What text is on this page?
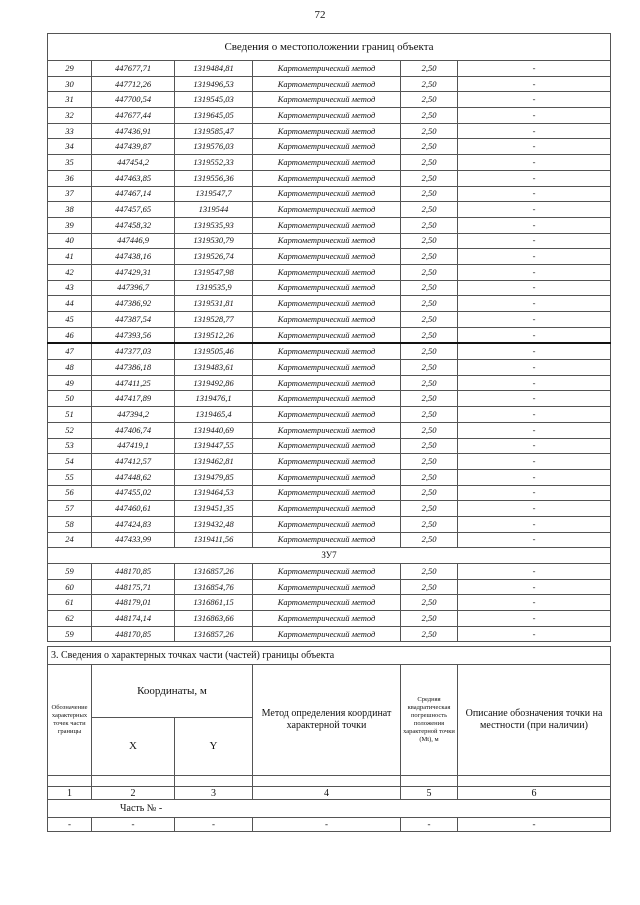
72
Сведения о местоположении границ объекта					
29	447677,71	1319484,81	Картометрический метод	2,50	-
30	447712,26	1319496,53	Картометрический метод	2,50	-
31	447700,54	1319545,03	Картометрический метод	2,50	-
32	447677,44	1319645,05	Картометрический метод	2,50	-
33	447436,91	1319585,47	Картометрический метод	2,50	-
34	447439,87	1319576,03	Картометрический метод	2,50	-
35	447454,2	1319552,33	Картометрический метод	2,50	-
36	447463,85	1319556,36	Картометрический метод	2,50	-
37	447467,14	1319547,7	Картометрический метод	2,50	-
38	447457,65	1319544	Картометрический метод	2,50	-
39	447458,32	1319535,93	Картометрический метод	2,50	-
40	447446,9	1319530,79	Картометрический метод	2,50	-
41	447438,16	1319526,74	Картометрический метод	2,50	-
42	447429,31	1319547,98	Картометрический метод	2,50	-
43	447396,7	1319535,9	Картометрический метод	2,50	-
44	447386,92	1319531,81	Картометрический метод	2,50	-
45	447387,54	1319528,77	Картометрический метод	2,50	-
46	447393,56	1319512,26	Картометрический метод	2,50	-
47	447377,03	1319505,46	Картометрический метод	2,50	-
48	447386,18	1319483,61	Картометрический метод	2,50	-
49	447411,25	1319492,86	Картометрический метод	2,50	-
50	447417,89	1319476,1	Картометрический метод	2,50	-
51	447394,2	1319465,4	Картометрический метод	2,50	-
52	447406,74	1319440,69	Картометрический метод	2,50	-
53	447419,1	1319447,55	Картометрический метод	2,50	-
54	447412,57	1319462,81	Картометрический метод	2,50	-
55	447448,62	1319479,85	Картометрический метод	2,50	-
56	447455,02	1319464,53	Картометрический метод	2,50	-
57	447460,61	1319451,35	Картометрический метод	2,50	-
58	447424,83	1319432,48	Картометрический метод	2,50	-
24	447433,99	1319411,56	Картометрический метод	2,50	-
ЗУ7					
59	448170,85	1316857,26	Картометрический метод	2,50	-
60	448175,71	1316854,76	Картометрический метод	2,50	-
61	448179,01	1316861,15	Картометрический метод	2,50	-
62	448174,14	1316863,66	Картометрический метод	2,50	-
59	448170,85	1316857,26	Картометрический метод	2,50	-
3. Сведения о характерных точках части (частей) границы объекта					
Обозначение характерных точек части границы	Координаты, м		Метод определения координат характерной точки	Средняя квадратическая погрешность положения характерной точки (Mt), м	Описание обозначения точки на местности (при наличии)
	X	Y			

1	2	3	4	5	6
Часть № -					
-	-	-	-	-	-
